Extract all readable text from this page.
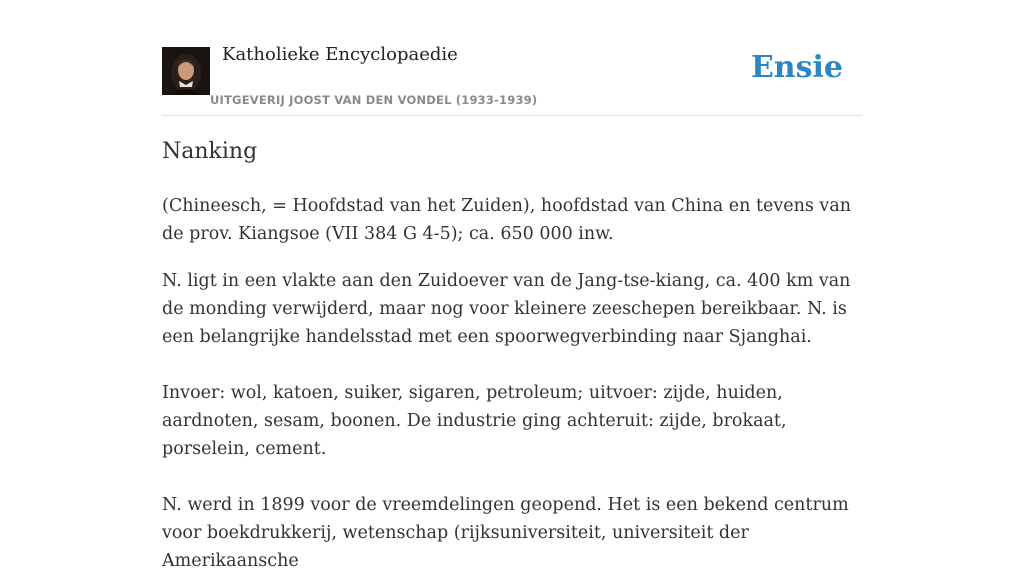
Katholieke Encyclopaedie
UITGEVERIJ JOOST VAN DEN VONDEL (1933-1939)
Ensie
Nanking

(Chineesch, = Hoofdstad van het Zuiden), hoofdstad van China en tevens van de prov. Kiangsoe (VII 384 G 4-5); ca. 650 000 inw.

N. ligt in een vlakte aan den Zuidoever van de Jang-tse-kiang, ca. 400 km van de monding verwijderd, maar nog voor kleinere zeeschepen bereikbaar. N. is een belangrijke handelsstad met een spoorwegverbinding naar Sjanghai.

Invoer: wol, katoen, suiker, sigaren, petroleum; uitvoer: zijde, huiden, aardnoten, sesam, boonen. De industrie ging achteruit: zijde, brokaat, porselein, cement.

N. werd in 1899 voor de vreemdelingen geopend. Het is een bekend centrum voor boekdrukkerij, wetenschap (rijksuniversiteit, universiteit der Amerikaansche
